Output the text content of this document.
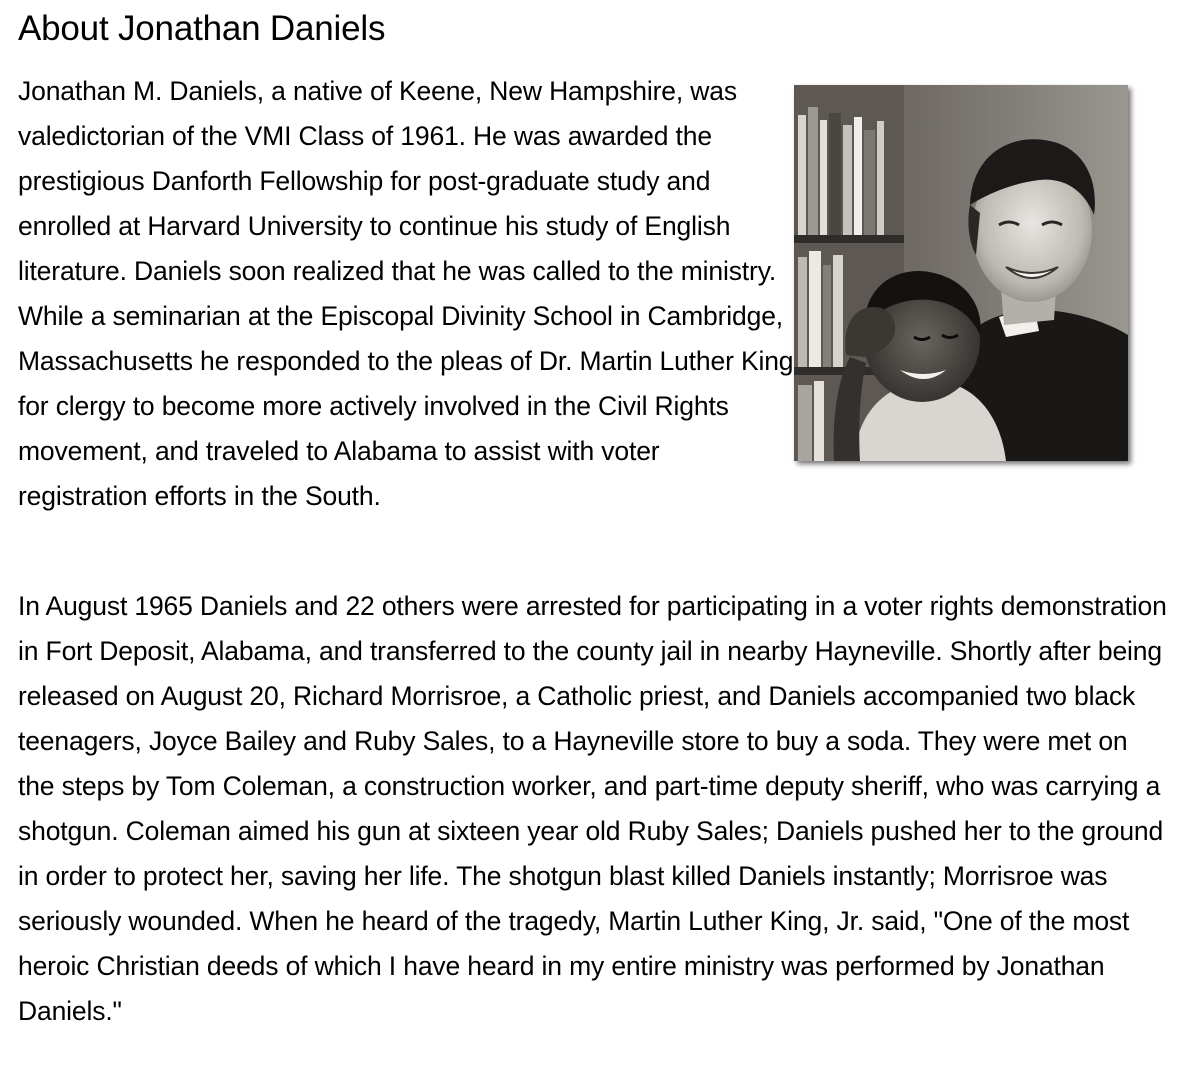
About Jonathan Daniels

Jonathan M. Daniels, a native of Keene, New Hampshire, was valedictorian of the VMI Class of 1961. He was awarded the prestigious Danforth Fellowship for post-graduate study and enrolled at Harvard University to continue his study of English literature. Daniels soon realized that he was called to the ministry. While a seminarian at the Episcopal Divinity School in Cambridge, Massachusetts he responded to the pleas of Dr. Martin Luther King for clergy to become more actively involved in the Civil Rights movement, and traveled to Alabama to assist with voter registration efforts in the South.

In August 1965 Daniels and 22 others were arrested for participating in a voter rights demonstration in Fort Deposit, Alabama, and transferred to the county jail in nearby Hayneville. Shortly after being released on August 20, Richard Morrisroe, a Catholic priest, and Daniels accompanied two black teenagers, Joyce Bailey and Ruby Sales, to a Hayneville store to buy a soda. They were met on the steps by Tom Coleman, a construction worker, and part-time deputy sheriff, who was carrying a shotgun. Coleman aimed his gun at sixteen year old Ruby Sales; Daniels pushed her to the ground in order to protect her, saving her life. The shotgun blast killed Daniels instantly; Morrisroe was seriously wounded. When he heard of the tragedy, Martin Luther King, Jr. said, "One of the most heroic Christian deeds of which I have heard in my entire ministry was performed by Jonathan Daniels."
